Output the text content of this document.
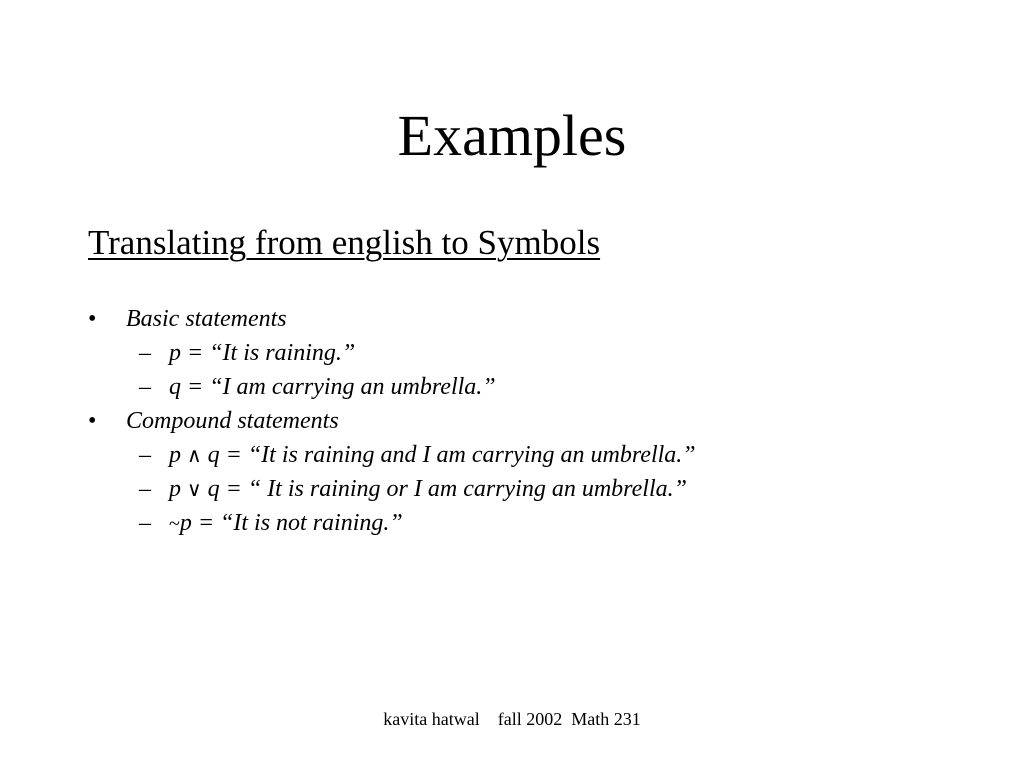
Examples
Translating from english to Symbols
• Basic statements
– p = “It is raining.”
– q = “I am carrying an umbrella.”
• Compound statements
– p ∧ q = “It is raining and I am carrying an umbrella.”
– p ∨ q = “ It is raining or I am carrying an umbrella.”
– ~p = “It is not raining.”
kavita hatwal    fall 2002  Math 231
